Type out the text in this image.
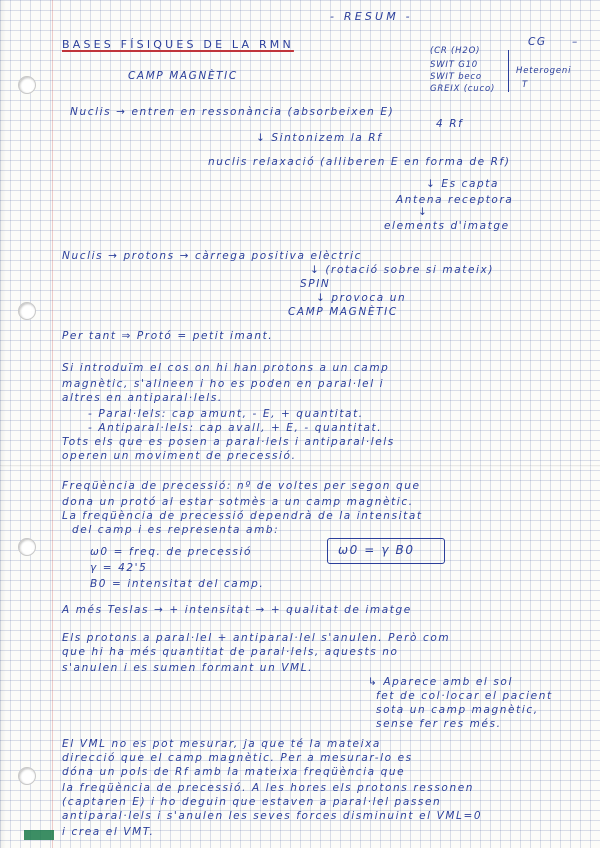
- RESUM -
CG –
BASES FÍSIQUES DE LA RMN	(CR (H2O)
SWIT G10
SWIT beco
GREIX (cuco)
Heterogeni
T
CAMP MAGNÈTIC
Nuclis → entren en ressonància (absorbeixen E)
4 Rf
↓ Sintonizem la Rf
nuclis relaxació (alliberen E en forma de Rf)
↓ Es capta
Antena receptora
↓
elements d'imatge
Nuclis → protons → càrrega positiva elèctric
↓ (rotació sobre si mateix)
SPIN
↓ provoca un
CAMP MAGNÈTIC
Per tant ⇒ Protó = petit imant.
Si introduïm el cos on hi han protons a un camp
magnètic, s'alineen i ho es poden en paral·lel i
altres en antiparal·lels.
- Paral·lels: cap amunt, - E, + quantitat.
- Antiparal·lels: cap avall, + E, - quantitat.
Tots els que es posen a paral·lels i antiparal·lels
operen un moviment de precessió.
Freqüència de precessió: nº de voltes per segon que
dona un protó al estar sotmès a un camp magnètic.
La freqüència de precessió dependrà de la intensitat
del camp i es representa amb:
ω0 = freq. de precessió
γ = 42'5
B0 = intensitat del camp.
ω0 = γ B0
A més Teslas → + intensitat → + qualitat de imatge
Els protons a paral·lel + antiparal·lel s'anulen. Però com
que hi ha més quantitat de paral·lels, aquests no
s'anulen i es sumen formant un VML.
↳ Aparece amb el sol
fet de col·locar el pacient
sota un camp magnètic,
sense fer res més.
El VML no es pot mesurar, ja que té la mateixa
direcció que el camp magnètic. Per a mesurar-lo es
dóna un pols de Rf amb la mateixa freqüència que
la freqüència de precessió. A les hores els protons ressonen
(captaren E) i ho deguin que estaven a paral·lel passen
antiparal·lels i s'anulen les seves forces disminuint el VML=0
i crea el VMT.
